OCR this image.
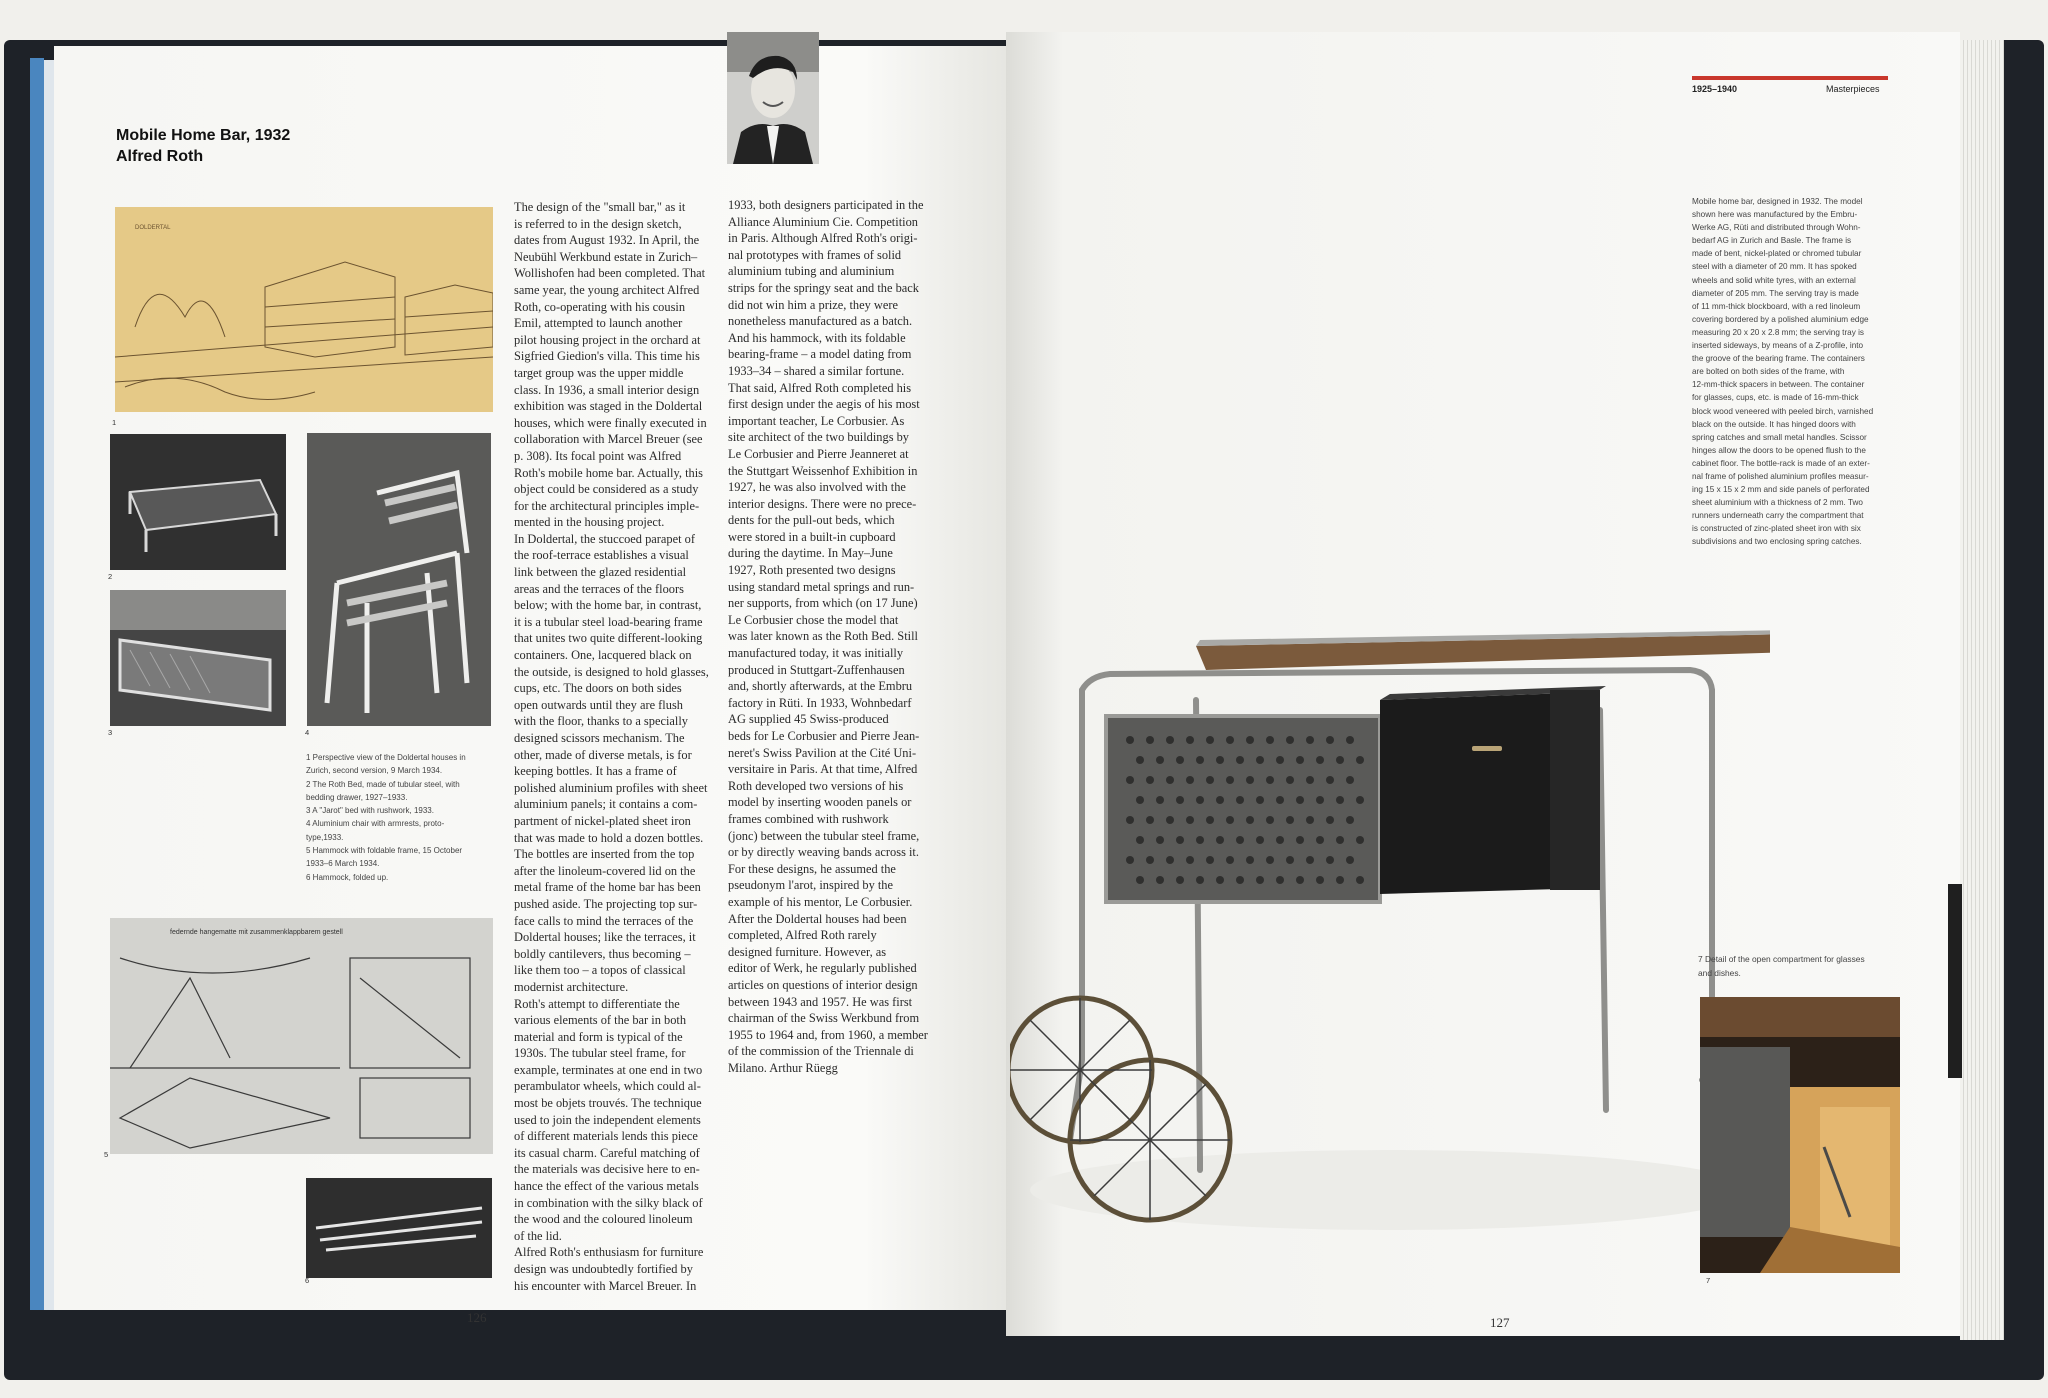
Mobile Home Bar, 1932
Alfred Roth
DOLDERTAL
1
2
3	4
1 Perspective view of the Doldertal houses in
Zurich, second version, 9 March 1934.
2 The Roth Bed, made of tubular steel, with
bedding drawer, 1927–1933.
3 A "Jarot" bed with rushwork, 1933.
4 Aluminium chair with armrests, proto-
type,1933.
5 Hammock with foldable frame, 15 October
1933–6 March 1934.
6 Hammock, folded up.
federnde hangematte mit zusammenklappbarem gestell
5
6
The design of the "small bar," as it
is referred to in the design sketch,
dates from August 1932. In April, the
Neubühl Werkbund estate in Zurich–
Wollishofen had been completed. That
same year, the young architect Alfred
Roth, co-operating with his cousin
Emil, attempted to launch another
pilot housing project in the orchard at
Sigfried Giedion's villa. This time his
target group was the upper middle
class. In 1936, a small interior design
exhibition was staged in the Doldertal
houses, which were finally executed in
collaboration with Marcel Breuer (see
p. 308). Its focal point was Alfred
Roth's mobile home bar. Actually, this
object could be considered as a study
for the architectural principles imple-
mented in the housing project.
In Doldertal, the stuccoed parapet of
the roof-terrace establishes a visual
link between the glazed residential
areas and the terraces of the floors
below; with the home bar, in contrast,
it is a tubular steel load-bearing frame
that unites two quite different-looking
containers. One, lacquered black on
the outside, is designed to hold glasses,
cups, etc. The doors on both sides
open outwards until they are flush
with the floor, thanks to a specially
designed scissors mechanism. The
other, made of diverse metals, is for
keeping bottles. It has a frame of
polished aluminium profiles with sheet
aluminium panels; it contains a com-
partment of nickel-plated sheet iron
that was made to hold a dozen bottles.
The bottles are inserted from the top
after the linoleum-covered lid on the
metal frame of the home bar has been
pushed aside. The projecting top sur-
face calls to mind the terraces of the
Doldertal houses; like the terraces, it
boldly cantilevers, thus becoming –
like them too – a topos of classical
modernist architecture.
Roth's attempt to differentiate the
various elements of the bar in both
material and form is typical of the
1930s. The tubular steel frame, for
example, terminates at one end in two
perambulator wheels, which could al-
most be objets trouvés. The technique
used to join the independent elements
of different materials lends this piece
its casual charm. Careful matching of
the materials was decisive here to en-
hance the effect of the various metals
in combination with the silky black of
the wood and the coloured linoleum
of the lid.
Alfred Roth's enthusiasm for furniture
design was undoubtedly fortified by
his encounter with Marcel Breuer. In
1933, both designers participated in the
Alliance Aluminium Cie. Competition
in Paris. Although Alfred Roth's origi-
nal prototypes with frames of solid
aluminium tubing and aluminium
strips for the springy seat and the back
did not win him a prize, they were
nonetheless manufactured as a batch.
And his hammock, with its foldable
bearing-frame – a model dating from
1933–34 – shared a similar fortune.
That said, Alfred Roth completed his
first design under the aegis of his most
important teacher, Le Corbusier. As
site architect of the two buildings by
Le Corbusier and Pierre Jeanneret at
the Stuttgart Weissenhof Exhibition in
1927, he was also involved with the
interior designs. There were no prece-
dents for the pull-out beds, which
were stored in a built-in cupboard
during the daytime. In May–June
1927, Roth presented two designs
using standard metal springs and run-
ner supports, from which (on 17 June)
Le Corbusier chose the model that
was later known as the Roth Bed. Still
manufactured today, it was initially
produced in Stuttgart-Zuffenhausen
and, shortly afterwards, at the Embru
factory in Rüti. In 1933, Wohnbedarf
AG supplied 45 Swiss-produced
beds for Le Corbusier and Pierre Jean-
neret's Swiss Pavilion at the Cité Uni-
versitaire in Paris. At that time, Alfred
Roth developed two versions of his
model by inserting wooden panels or
frames combined with rushwork
(jonc) between the tubular steel frame,
or by directly weaving bands across it.
For these designs, he assumed the
pseudonym l'arot, inspired by the
example of his mentor, Le Corbusier.
After the Doldertal houses had been
completed, Alfred Roth rarely
designed furniture. However, as
editor of Werk, he regularly published
articles on questions of interior design
between 1943 and 1957. He was first
chairman of the Swiss Werkbund from
1955 to 1964 and, from 1960, a member
of the commission of the Triennale di
Milano. Arthur Rüegg
126
1925–1940	Masterpieces
Mobile home bar, designed in 1932. The model
shown here was manufactured by the Embru-
Werke AG, Rüti and distributed through Wohn-
bedarf AG in Zurich and Basle. The frame is
made of bent, nickel-plated or chromed tubular
steel with a diameter of 20 mm. It has spoked
wheels and solid white tyres, with an external
diameter of 205 mm. The serving tray is made
of 11 mm-thick blockboard, with a red linoleum
covering bordered by a polished aluminium edge
measuring 20 x 20 x 2.8 mm; the serving tray is
inserted sideways, by means of a Z-profile, into
the groove of the bearing frame. The containers
are bolted on both sides of the frame, with
12-mm-thick spacers in between. The container
for glasses, cups, etc. is made of 16-mm-thick
block wood veneered with peeled birch, varnished
black on the outside. It has hinged doors with
spring catches and small metal handles. Scissor
hinges allow the doors to be opened flush to the
cabinet floor. The bottle-rack is made of an exter-
nal frame of polished aluminium profiles measur-
ing 15 x 15 x 2 mm and side panels of perforated
sheet aluminium with a thickness of 2 mm. Two
runners underneath carry the compartment that
is constructed of zinc-plated sheet iron with six
subdivisions and two enclosing spring catches.
7 Detail of the open compartment for glasses
and dishes.
7
127
